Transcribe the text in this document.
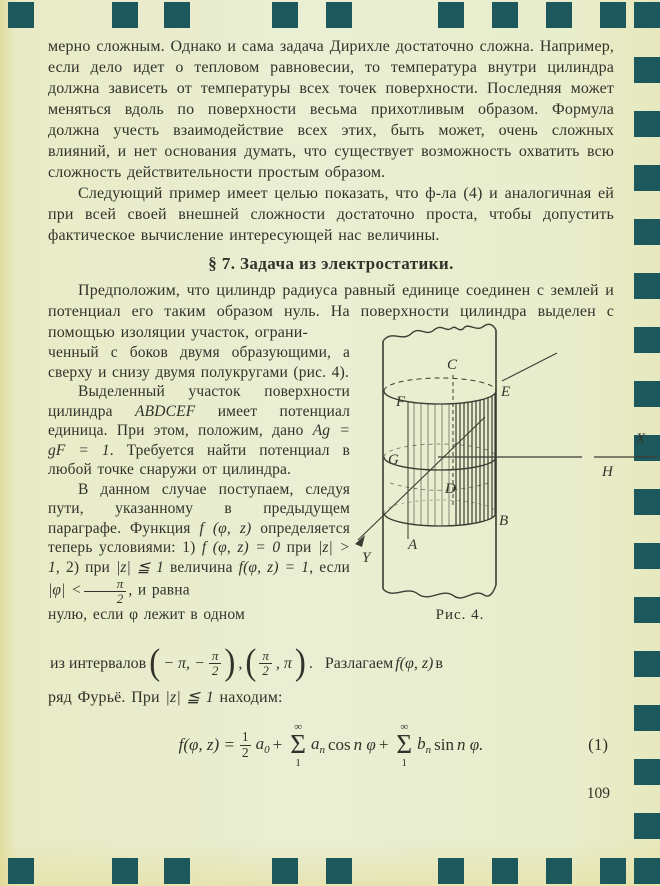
мерно сложным. Однако и сама задача Дирихле достаточно сложна. Например, если дело идет о тепловом равновесии, то температура внутри цилиндра должна зависеть от температуры всех точек поверхности. Последняя может меняться вдоль по поверхности весьма прихотливым образом. Формула должна учесть взаимодействие всех этих, быть может, очень сложных влияний, и нет основания думать, что существует возможность охватить всю сложность действительности простым образом.

Следующий пример имеет целью показать, что ф-ла (4) и аналогичная ей при всей своей внешней сложности достаточно проста, чтобы допустить фактическое вычисление интересующей нас величины.

§ 7. Задача из электростатики.

Предположим, что цилиндр радиуса равный единице соединен с землей и потенциал его таким образом нуль. На поверхности цилиндра выделен с помощью изоляции участок, ограни-

ченный с боков двумя образующими, а сверху и снизу двумя полукругами (рис. 4).

Выделенный участок поверхности цилиндра ABDCEF имеет потенциал единица. При этом, положим, дано Ag = gF = 1. Требуется найти потенциал в любой точке снаружи от цилиндра.

В данном случае поступаем, следуя пути, указанному в предыдущем параграфе. Функция f (φ, z) определяется теперь условиями: 1) f (φ, z) = 0 при |z| > 1, 2) при |z| ≦ 1 величина f(φ, z) = 1, если $|\varphi| < \frac{\pi}{2}$ , и равна

нулю, если φ лежит в одном

C
E
F
G
D
A
B
X
H
Y
Рис. 4.
из интервалов ( − π, − $\frac{\pi}{2}$ ) , ( $\frac{\pi}{2}$ , π ) . Разлагаем f(φ, z) в

ряд Фурьё. При |z| ≦ 1 находим:

f(φ, $z) = \frac{1}{2} a_0$ +
∞
Σ
1
$a_n$ cos n φ +
∞
Σ
1
$b_n$ sin n φ.	(1)
109
